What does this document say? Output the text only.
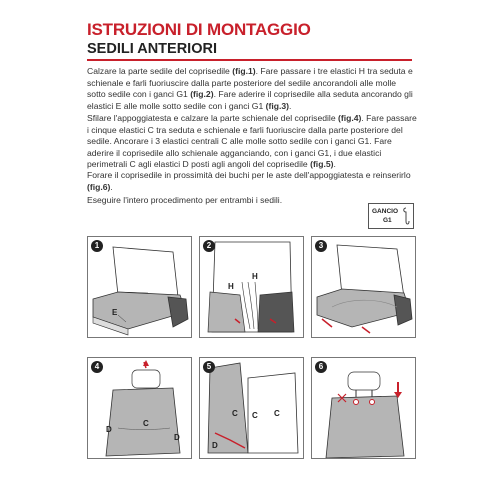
ISTRUZIONI DI MONTAGGIO
SEDILI ANTERIORI
Calzare la parte sedile del coprisedile (fig.1). Fare passare i tre elastici H tra seduta e schienale e farli fuoriuscire dalla parte posteriore del sedile ancorandoli alle molle sotto sedile con i ganci G1 (fig.2). Fare aderire il coprisedile alla seduta ancorando gli elastici E alle molle sotto sedile con i ganci G1 (fig.3).
Sfilare l'appoggiatesta e calzare la parte schienale del coprisedile (fig.4). Fare passare i cinque elastici C tra seduta e schienale e farli fuoriuscire dalla parte posteriore del sedile. Ancorare i 3 elastici centrali C alle molle sotto sedile con i ganci G1. Fare aderire il coprisedile allo schienale agganciando, con i ganci G1, i due elastici perimetrali C agli elastici D posti agli angoli del coprisedile (fig.5).
Forare il coprisedile in prossimità dei buchi per le aste dell'appoggiatesta e reinserirlo (fig.6).
Eseguire l'intero procedimento per entrambi i sedili.
GANCIO
G1
1
E
2
H
H
3
4
D
C
D
5
C C C
D
6
